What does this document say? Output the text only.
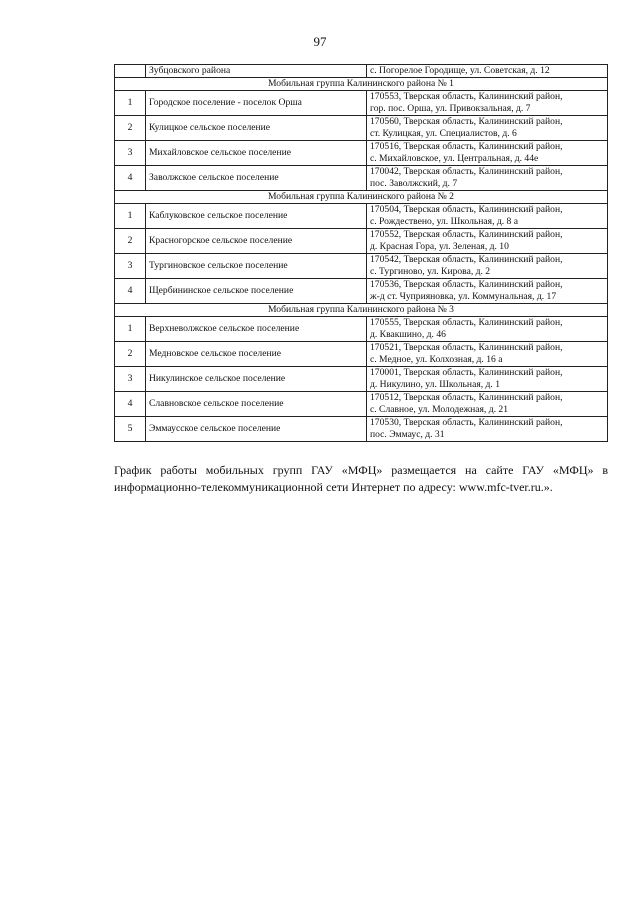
97
	Зубцовского района	с. Погорелое Городище, ул. Советская, д. 12
Мобильная группа Калининского района № 1		
1	Городское поселение - поселок Орша	170553, Тверская область, Калининский район,
гор. пос. Орша, ул. Привокзальная, д. 7

2	Кулицкое сельское поселение	170560, Тверская область, Калининский район,
ст. Кулицкая, ул. Специалистов, д. 6

3	Михайловское сельское поселение	170516, Тверская область, Калининский район,
с. Михайловское, ул. Центральная, д. 44е

4	Заволжское сельское поселение	170042, Тверская область, Калининский район,
пос. Заволжский, д. 7

Мобильная группа Калининского района № 2		
1	Каблуковское сельское поселение	170504, Тверская область, Калининский район,
с. Рождествено, ул. Школьная, д. 8 а

2	Красногорское сельское поселение	170552, Тверская область, Калининский район,
д. Красная Гора, ул. Зеленая, д. 10

3	Тургиновское сельское поселение	170542, Тверская область, Калининский район,
с. Тургиново, ул. Кирова, д. 2

4	Щербининское сельское поселение	170536, Тверская область, Калининский район,
ж-д ст. Чуприяновка, ул. Коммунальная, д. 17

Мобильная группа Калининского района № 3		
1	Верхневолжское сельское поселение	170555, Тверская область, Калининский район,
д. Квакшино, д. 46

2	Медновское сельское поселение	170521, Тверская область, Калининский район,
с. Медное, ул. Колхозная, д. 16 а

3	Никулинское сельское поселение	170001, Тверская область, Калининский район,
д. Никулино, ул. Школьная, д. 1

4	Славновское сельское поселение	170512, Тверская область, Калининский район,
с. Славное, ул. Молодежная, д. 21

5	Эммаусское сельское поселение	170530, Тверская область, Калининский район,
пос. Эммаус, д. 31
График работы мобильных групп ГАУ «МФЦ» размещается на сайте ГАУ «МФЦ» в информационно-телекоммуникационной сети Интернет по адресу: www.mfc-tver.ru.».
